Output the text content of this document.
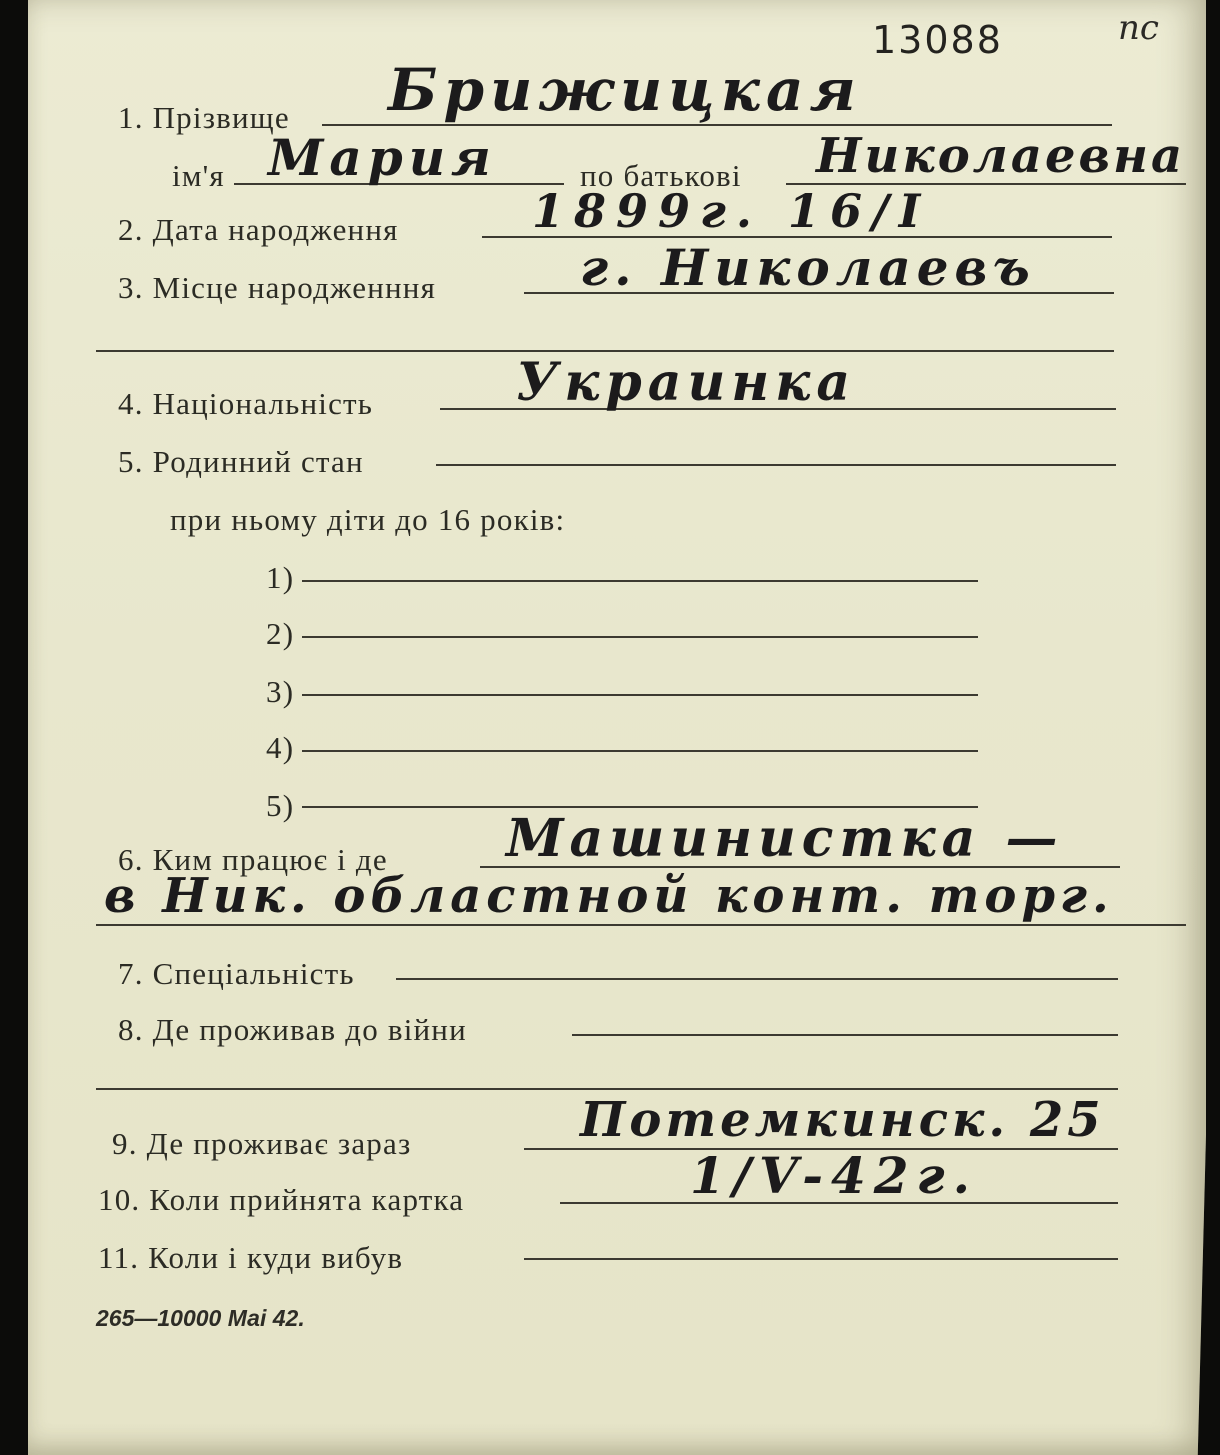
13088	пс
1. Прізвище Брижицкая
ім'я Мария	по батькові Николаевна
2. Дата народження	1899г. 16/I
3. Місце народженння	г. Николаевъ
4. Національність	Украинка
5. Родинний стан
при ньому діти до 16 років:
1)
2)
3)
4)
5)
6. Ким працює і де Машинистка —
в Ник. областной конт. торг.
7. Спеціальність
8. Де проживав до війни
9. Де проживає зараз	Потемкинск. 25
10. Коли прийнята картка	1/V-42г.
11. Коли і куди вибув
265—10000 Маі 42.
